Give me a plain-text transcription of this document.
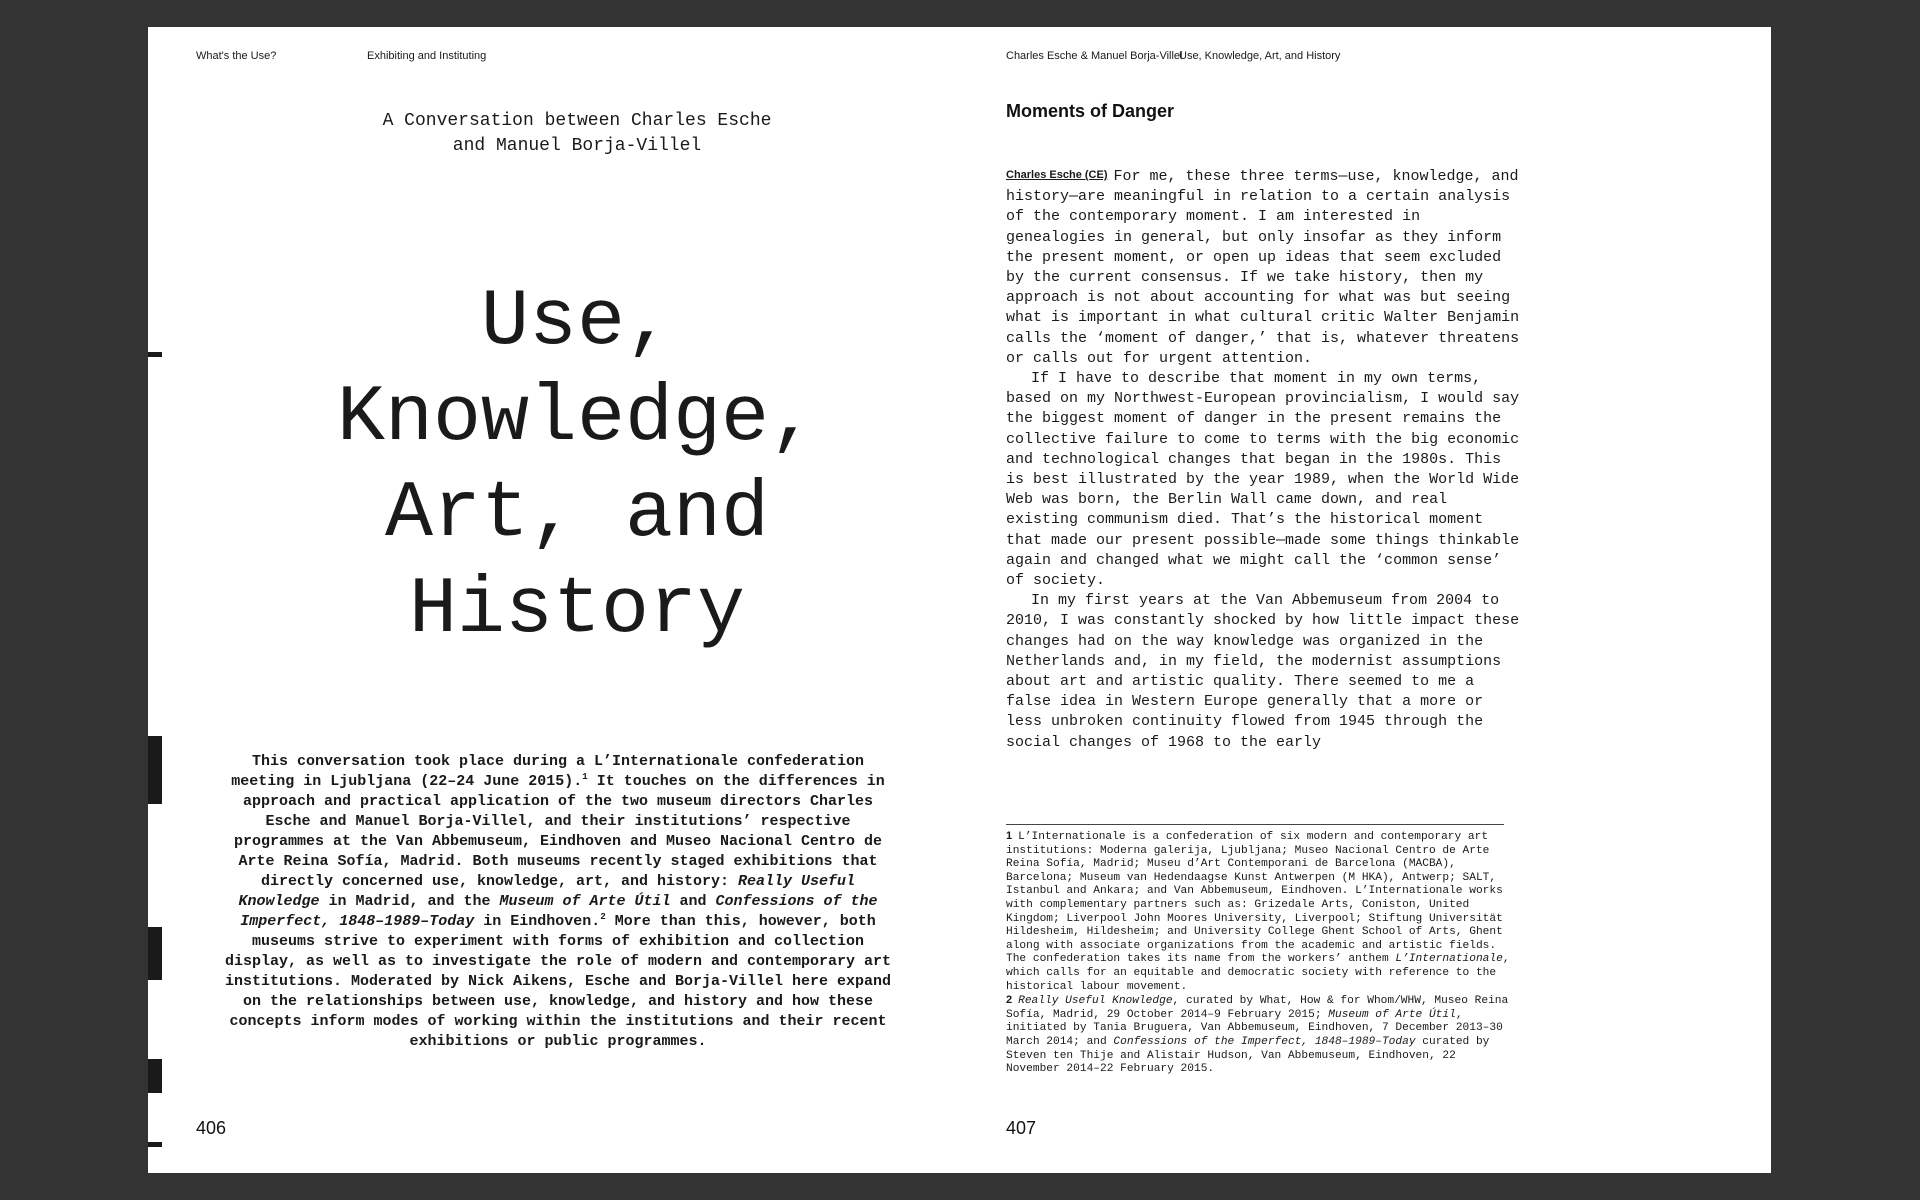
What's the Use?	Exhibiting and Instituting
A Conversation between Charles Esche
and Manuel Borja-Villel
Use,
Knowledge,
Art, and
History
This conversation took place during a L’Internationale confederation meeting in Ljubljana (22–24 June 2015).$^1$ It touches on the differences in approach and practical application of the two museum directors Charles Esche and Manuel Borja-Villel, and their institutions’ respective programmes at the Van Abbemuseum, Eindhoven and Museo Nacional Centro de Arte Reina Sofía, Madrid. Both museums recently staged exhibitions that directly concerned use, knowledge, art, and history: Really Useful Knowledge in Madrid, and the Museum of Arte Útil and Confessions of the Imperfect, 1848–1989–Today in Eindhoven.$^2$ More than this, however, both museums strive to experiment with forms of exhibition and collection display, as well as to investigate the role of modern and contemporary art institutions. Moderated by Nick Aikens, Esche and Borja-Villel here expand on the relationships between use, knowledge, and history and how these concepts inform modes of working within the institutions and their recent exhibitions or public programmes.
406
Charles Esche & Manuel Borja-Villel
Use, Knowledge, Art, and History
Moments of Danger

Charles Esche (CE) For me, these three terms—use, knowledge, and history—are meaningful in relation to a certain analysis of the contemporary moment. I am interested in genealogies in general, but only insofar as they inform the present moment, or open up ideas that seem excluded by the current consensus. If we take history, then my approach is not about accounting for what was but seeing what is important in what cultural critic Walter Benjamin calls the ‘moment of danger,’ that is, whatever threatens or calls out for urgent attention.

If I have to describe that moment in my own terms, based on my Northwest-European provincialism, I would say the biggest moment of danger in the present remains the collective failure to come to terms with the big economic and technological changes that began in the 1980s. This is best illustrated by the year 1989, when the World Wide Web was born, the Berlin Wall came down, and real existing communism died. That’s the historical moment that made our present possible—made some things thinkable again and changed what we might call the ‘common sense’ of society.

In my first years at the Van Abbemuseum from 2004 to 2010, I was constantly shocked by how little impact these changes had on the way knowledge was organized in the Netherlands and, in my field, the modernist assumptions about art and artistic quality. There seemed to me a false idea in Western Europe generally that a more or less unbroken continuity flowed from 1945 through the social changes of 1968 to the early

1 L’Internationale is a confederation of six modern and contemporary art institutions: Moderna galerija, Ljubljana; Museo Nacional Centro de Arte Reina Sofía, Madrid; Museu d’Art Contemporani de Barcelona (MACBA), Barcelona; Museum van Hedendaagse Kunst Antwerpen (M HKA), Antwerp; SALT, Istanbul and Ankara; and Van Abbemuseum, Eindhoven. L’Internationale works with complementary partners such as: Grizedale Arts, Coniston, United Kingdom; Liverpool John Moores University, Liverpool; Stiftung Universität Hildesheim, Hildesheim; and University College Ghent School of Arts, Ghent along with associate organizations from the academic and artistic fields. The confederation takes its name from the workers’ anthem L’Internationale, which calls for an equitable and democratic society with reference to the historical labour movement.

2 Really Useful Knowledge, curated by What, How & for Whom/WHW, Museo Reina Sofía, Madrid, 29 October 2014–9 February 2015; Museum of Arte Útil, initiated by Tania Bruguera, Van Abbemuseum, Eindhoven, 7 December 2013–30 March 2014; and Confessions of the Imperfect, 1848–1989–Today curated by Steven ten Thije and Alistair Hudson, Van Abbemuseum, Eindhoven, 22 November 2014–22 February 2015.

407
